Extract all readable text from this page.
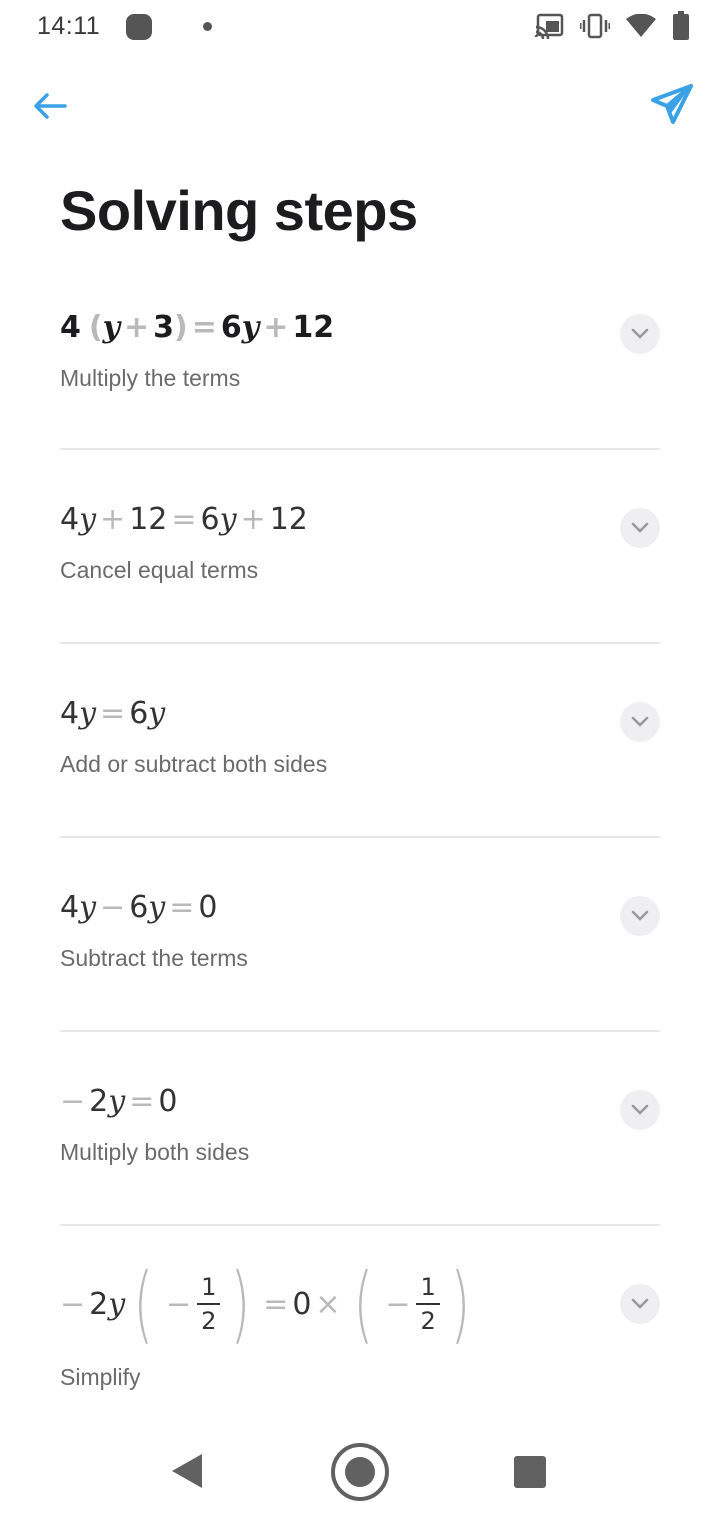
14:11
Solving steps
4 ( y + 3 ) = 6 y + 12
Multiply the terms
4 y + 12 = 6 y + 12
Cancel equal terms
4 y = 6 y
Add or subtract both sides
4 y − 6 y = 0
Subtract the terms
− 2 y = 0
Multiply both sides
− 2 y ( − $\frac{1}{2}$ ) = 0 × ( − $\frac{1}{2}$ )
Simplify
